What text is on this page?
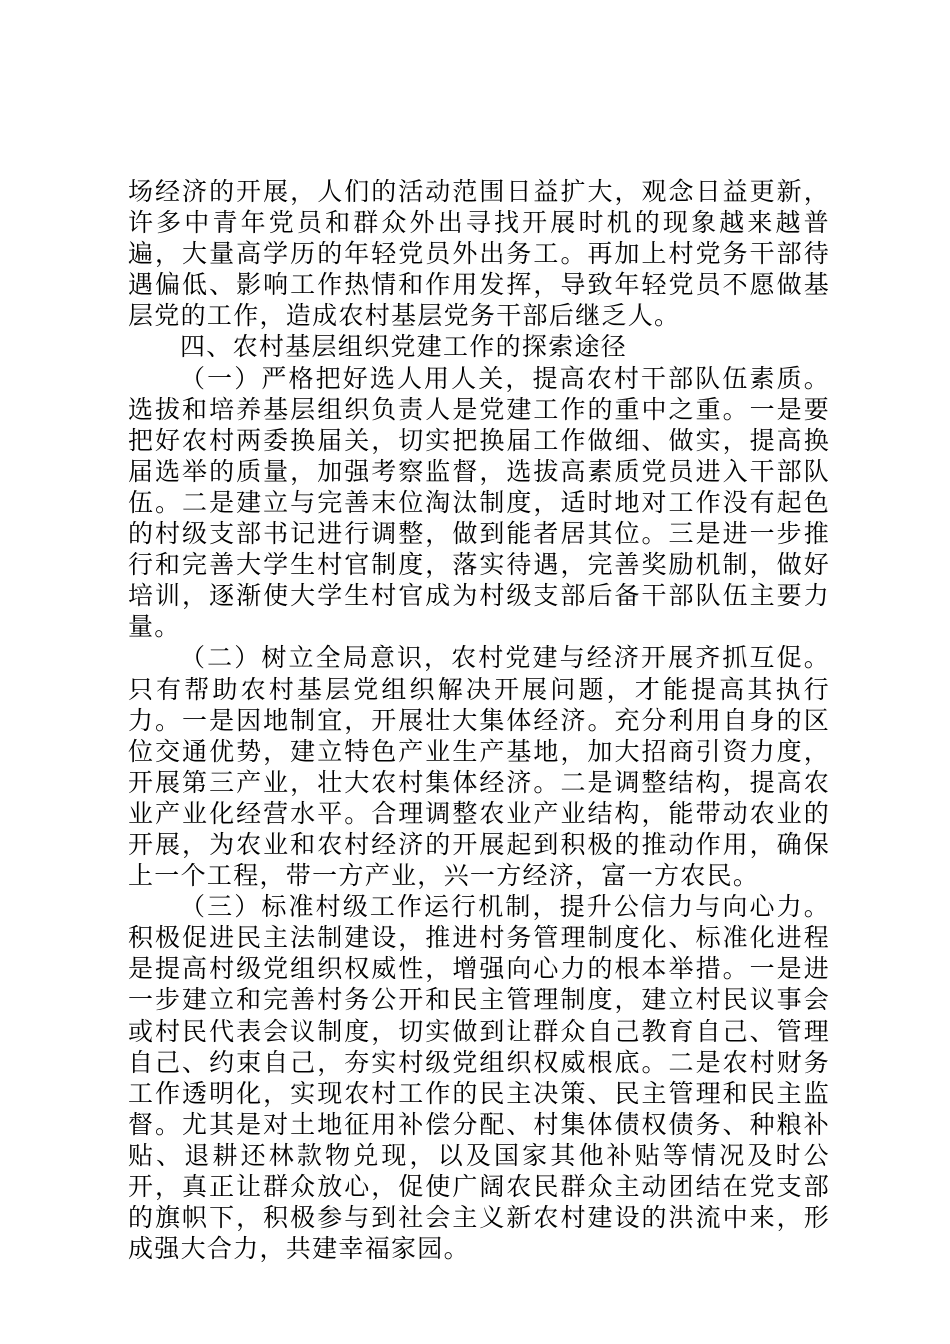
场经济的开展，人们的活动范围日益扩大，观念日益更新，许多中青年党员和群众外出寻找开展时机的现象越来越普遍，大量高学历的年轻党员外出务工。再加上村党务干部待遇偏低、影响工作热情和作用发挥，导致年轻党员不愿做基层党的工作，造成农村基层党务干部后继乏人。

四、农村基层组织党建工作的探索途径

（一）严格把好选人用人关，提高农村干部队伍素质。选拔和培养基层组织负责人是党建工作的重中之重。一是要把好农村两委换届关，切实把换届工作做细、做实，提高换届选举的质量，加强考察监督，选拔高素质党员进入干部队伍。二是建立与完善末位淘汰制度，适时地对工作没有起色的村级支部书记进行调整，做到能者居其位。三是进一步推行和完善大学生村官制度，落实待遇，完善奖励机制，做好培训，逐渐使大学生村官成为村级支部后备干部队伍主要力量。

（二）树立全局意识，农村党建与经济开展齐抓互促。只有帮助农村基层党组织解决开展问题，才能提高其执行力。一是因地制宜，开展壮大集体经济。充分利用自身的区位交通优势，建立特色产业生产基地，加大招商引资力度，开展第三产业，壮大农村集体经济。二是调整结构，提高农业产业化经营水平。合理调整农业产业结构，能带动农业的开展，为农业和农村经济的开展起到积极的推动作用，确保上一个工程，带一方产业，兴一方经济，富一方农民。

（三）标准村级工作运行机制，提升公信力与向心力。积极促进民主法制建设，推进村务管理制度化、标准化进程是提高村级党组织权威性，增强向心力的根本举措。一是进一步建立和完善村务公开和民主管理制度，建立村民议事会或村民代表会议制度，切实做到让群众自己教育自己、管理自己、约束自己，夯实村级党组织权威根底。二是农村财务工作透明化，实现农村工作的民主决策、民主管理和民主监督。尤其是对土地征用补偿分配、村集体债权债务、种粮补贴、退耕还林款物兑现，以及国家其他补贴等情况及时公开，真正让群众放心，促使广阔农民群众主动团结在党支部的旗帜下，积极参与到社会主义新农村建设的洪流中来，形成强大合力，共建幸福家园。
